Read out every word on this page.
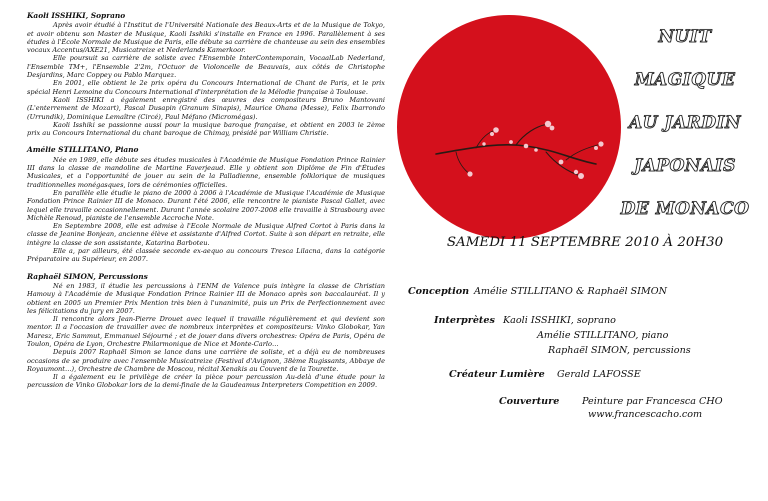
Kaoli ISSHIKI, Soprano

Après avoir étudié à l'Institut de l'Université Nationale des Beaux-Arts et de la Musique de Tokyo, et avoir obtenu son Master de Musique, Kaoli Isshiki s'installe en France en 1996. Parallèlement à ses études à l'École Normale de Musique de Paris, elle débute sa carrière de chanteuse au sein des ensembles vocaux Accentus/AXE21, Musicatreize et Nederlands Kamerkoor.

Elle poursuit sa carrière de soliste avec l'Ensemble InterContemporain, VocaalLab Nederland, l'Ensemble TM+, l'Ensemble 2'2m, l'Octuor de Violoncelle de Beauvais, aux côtés de Christophe Desjardins, Marc Coppey ou Pablo Marquez.

En 2001, elle obtient le 2e prix opéra du Concours International de Chant de Paris, et le prix spécial Henri Lemoine du Concours International d'interprétation de la Mélodie française à Toulouse.

Kaoli ISSHIKI a également enregistré des œuvres des compositeurs Bruno Mantovani (L'enterrement de Mozart), Pascal Dusapin (Granum Sinapis), Maurice Ohana (Messe), Felix Ibarrondo (Urrundik), Dominique Lemaître (Circé), Paul Méfano (Micromégas).

Kaoli Isshiki se passionne aussi pour la musique baroque française, et obtient en 2003 le 2ème prix au Concours International du chant baroque de Chimay, présidé par William Christie.

Amélie STILLITANO, Piano

Née en 1989, elle débute ses études musicales à l'Académie de Musique Fondation Prince Rainier III dans la classe de mandoline de Martine Faverjeaud. Elle y obtient son Diplôme de Fin d'Études Musicales, et a l'opportunité de jouer au sein de la Palladienne, ensemble folklorique de musiques traditionnelles monégasques, lors de cérémonies officielles.

En parallèle elle étudie le piano de 2000 à 2006 à l'Académie de Musique l'Académie de Musique Fondation Prince Rainier III de Monaco. Durant l'été 2006, elle rencontre le pianiste Pascal Gallet, avec lequel elle travaille occasionnellement. Durant l'année scolaire 2007-2008 elle travaille à Strasbourg avec Michèle Renoud, pianiste de l'ensemble Accroche Note.

En Septembre 2008, elle est admise à l'Ecole Normale de Musique Alfred Cortot à Paris dans la classe de Jeanine Bonjean, ancienne élève et assistante d'Alfred Cortot. Suite à son départ en retraite, elle intègre la classe de son assistante, Katarina Barboteu.

Elle a, par ailleurs, été classée seconde ex-aequo au concours Tresca Lilacna, dans la catégorie Préparatoire au Supérieur, en 2007.

Raphaël SIMON, Percussions

Né en 1983, il étudie les percussions à l'ENM de Valence puis intègre la classe de Christian Hamouy à l'Académie de Musique Fondation Prince Rainier III de Monaco après son baccalauréat. Il y obtient en 2005 un Premier Prix Mention très bien à l'unanimité, puis un Prix de Perfectionnement avec les félicitations du jury en 2007.

Il rencontre alors Jean-Pierre Drouet avec lequel il travaille régulièrement et qui devient son mentor. Il a l'occasion de travailler avec de nombreux interprètes et compositeurs: Vinko Globokar, Yan Maresz, Eric Sammut, Emmanuel Séjourné ; et de jouer dans divers orchestres: Opéra de Paris, Opéra de Toulon, Opéra de Lyon, Orchestre Philarmonique de Nice et Monte-Carlo…

Depuis 2007 Raphaël Simon se lance dans une carrière de soliste, et a déjà eu de nombreuses occasions de se produire avec l'ensemble Musicatreize (Festival d'Avignon, 38ème Rugissants, Abbaye de Royaumont…), Orchestre de Chambre de Moscou, récital Xenakis au Couvent de la Tourette.

Il a également eu le privilège de créer la pièce pour percussion Au-delà d'une étude pour la percussion de Vinko Globokar lors de la demi-finale de la Gaudeamus Interpreters Competition en 2009.

NUIT
MAGIQUE
AU JARDIN
JAPONAIS
DE MONACO
SAMEDI 11 SEPTEMBRE 2010 À 20H30
Conception Amélie STILLITANO & Raphaël SIMON
Interprètes Kaoli ISSHIKI, soprano
Amélie STILLITANO, piano
Raphaël SIMON, percussions
Créateur Lumière Gerald LAFOSSE
Couverture Peinture par Francesca CHO
www.francescacho.com
